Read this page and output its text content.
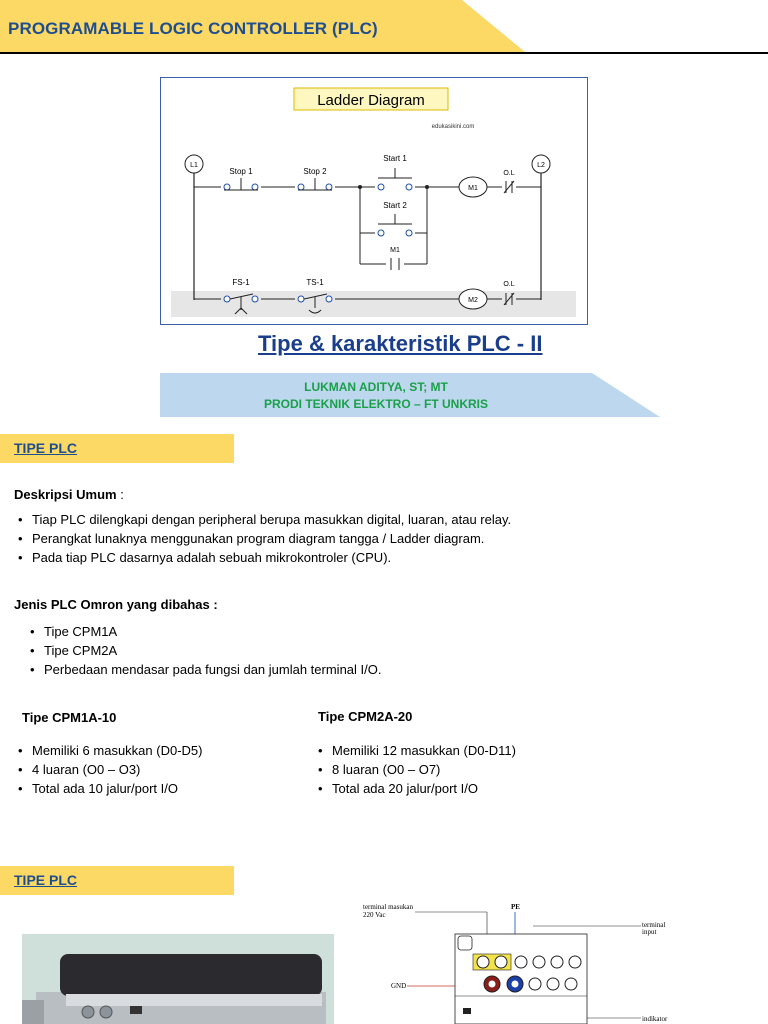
PROGRAMABLE LOGIC CONTROLLER (PLC)
Ladder Diagram
edukasikini.com
L1	L2
Stop 1	Stop 2
Start 1
Start 2
M1
M1
O.L
FS-1	TS-1
M2
O.L
Tipe & karakteristik PLC - II
LUKMAN ADITYA, ST; MT
PRODI TEKNIK ELEKTRO – FT UNKRIS
TIPE PLC
Deskripsi Umum :
• Tiap PLC dilengkapi dengan peripheral berupa masukkan digital, luaran, atau relay.
• Perangkat lunaknya menggunakan program diagram tangga / Ladder diagram.
• Pada tiap PLC dasarnya adalah sebuah mikrokontroler (CPU).
Jenis PLC Omron yang dibahas :
• Tipe CPM1A
• Tipe CPM2A
• Perbedaan mendasar pada fungsi dan jumlah terminal I/O.
Tipe CPM1A-10
• Memiliki 6 masukkan (D0-D5)
• 4 luaran (O0 – O3)
• Total ada 10 jalur/port I/O
Tipe CPM2A-20
• Memiliki 12 masukkan (D0-D11)
• 8 luaran (O0 – O7)
• Total ada 20 jalur/port I/O
TIPE PLC
terminal masukan
220 Vac
PE
terminal
input
GND
indikator
